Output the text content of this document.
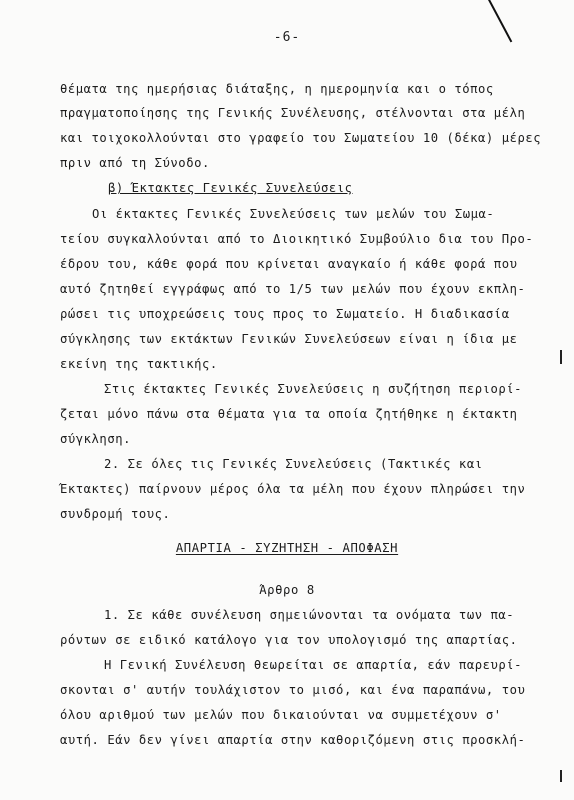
-6-
θέματα της ημερήσιας διάταξης, η ημερομηνία και ο τόπος
πραγματοποίησης της Γενικής Συνέλευσης, στέλνονται στα μέλη
και τοιχοκολλούνται στο γραφείο του Σωματείου 10 (δέκα) μέρες
πριν από τη Σύνοδο.
β) Έκτακτες Γενικές Συνελεύσεις
Οι έκτακτες Γενικές Συνελεύσεις των μελών του Σωμα-
τείου συγκαλλούνται από το Διοικητικό Συμβούλιο δια του Προ-
έδρου του, κάθε φορά που κρίνεται αναγκαίο ή κάθε φορά που
αυτό ζητηθεί εγγράφως από το 1/5 των μελών που έχουν εκπλη-
ρώσει τις υποχρεώσεις τους προς το Σωματείο. Η διαδικασία
σύγκλησης των εκτάκτων Γενικών Συνελεύσεων είναι η ίδια με
εκείνη της τακτικής.
Στις έκτακτες Γενικές Συνελεύσεις η συζήτηση περιορί-
ζεται μόνο πάνω στα θέματα για τα οποία ζητήθηκε η έκτακτη
σύγκληση.
2. Σε όλες τις Γενικές Συνελεύσεις (Τακτικές και
Έκτακτες) παίρνουν μέρος όλα τα μέλη που έχουν πληρώσει την
συνδρομή τους.
ΑΠΑΡΤΙΑ - ΣΥΖΗΤΗΣΗ - ΑΠΟΦΑΣΗ
Άρθρο 8
1. Σε κάθε συνέλευση σημειώνονται τα ονόματα των πα-
ρόντων σε ειδικό κατάλογο για τον υπολογισμό της απαρτίας.
Η Γενική Συνέλευση θεωρείται σε απαρτία, εάν παρευρί-
σκονται σ' αυτήν τουλάχιστον το μισό, και ένα παραπάνω, του
όλου αριθμού των μελών που δικαιούνται να συμμετέχουν σ'
αυτή. Εάν δεν γίνει απαρτία στην καθοριζόμενη στις προσκλή-
